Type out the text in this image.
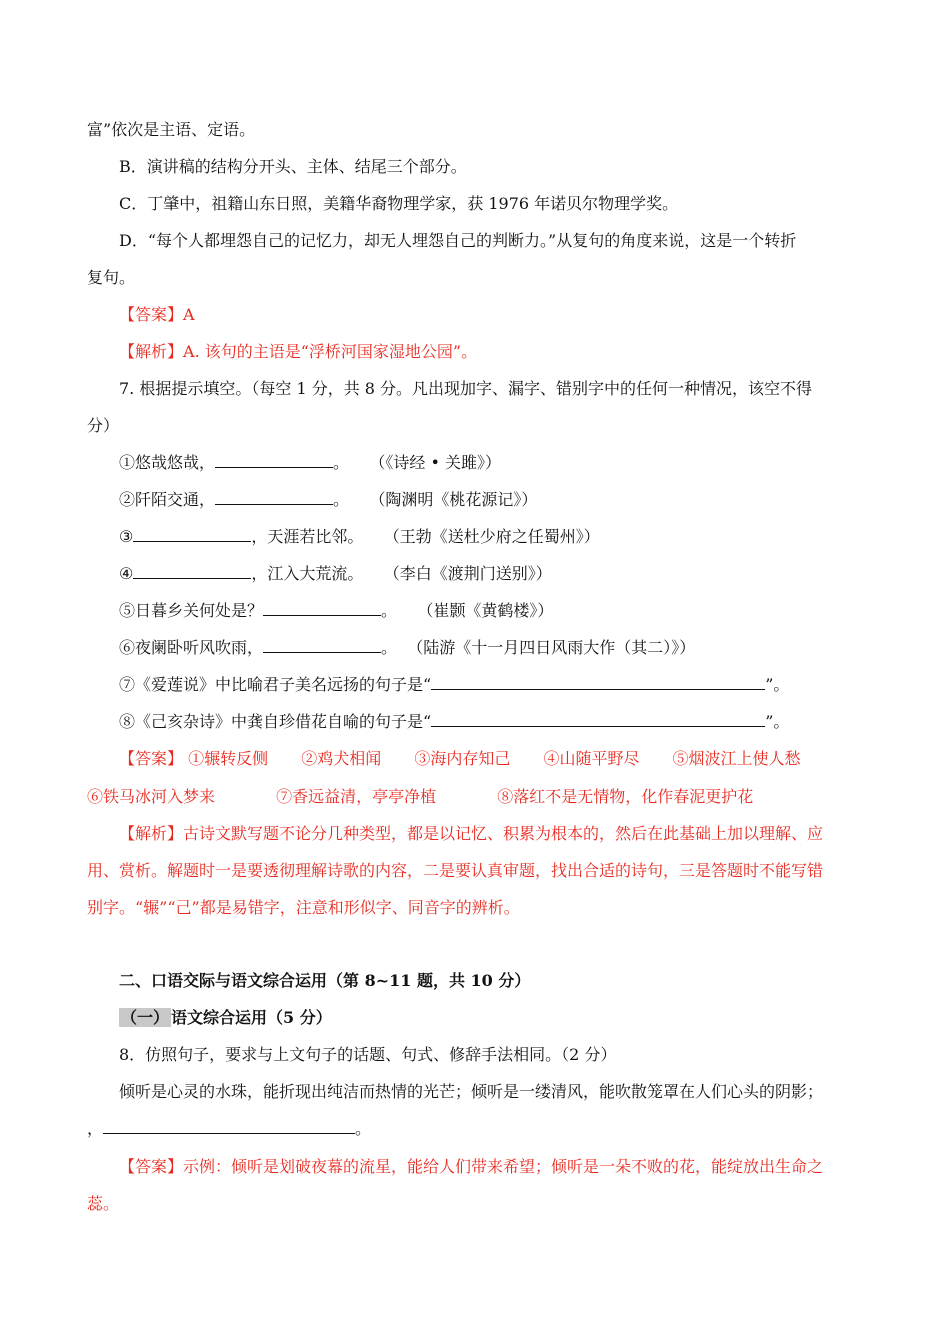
富”依次是主语、定语。
B．演讲稿的结构分开头、主体、结尾三个部分。
C．丁肇中，祖籍山东日照，美籍华裔物理学家，获 1976 年诺贝尔物理学奖。
D．“每个人都埋怨自己的记忆力，却无人埋怨自己的判断力。”从复句的角度来说，这是一个转折
复句。
【答案】A
【解析】A. 该句的主语是“浮桥河国家湿地公园”。
7. 根据提示填空。（每空 1 分，共 8 分。凡出现加字、漏字、错别字中的任何一种情况，该空不得
分）
①悠哉悠哉，	。 （《诗经 • 关雎》）
②阡陌交通，	。 （陶渊明《桃花源记》）
③	，天涯若比邻。 （王勃《送杜少府之任蜀州》）
④	，江入大荒流。 （李白《渡荆门送别》）
⑤日暮乡关何处是？	。 （崔颢《黄鹤楼》）
⑥夜阑卧听风吹雨，	。 （陆游《十一月四日风雨大作（其二）》）
⑦《爱莲说》中比喻君子美名远扬的句子是“	”。
⑧《己亥杂诗》中龚自珍借花自喻的句子是“	”。
【答案】 ①辗转反侧 ②鸡犬相闻 ③海内存知己 ④山随平野尽 ⑤烟波江上使人愁
⑥铁马冰河入梦来	⑦香远益清，亭亭净植	⑧落红不是无情物，化作春泥更护花
【解析】古诗文默写题不论分几种类型，都是以记忆、积累为根本的，然后在此基础上加以理解、应
用、赏析。解题时一是要透彻理解诗歌的内容，二是要认真审题，找出合适的诗句，三是答题时不能写错
别字。“辗”“己”都是易错字，注意和形似字、同音字的辨析。
二、口语交际与语文综合运用（第 8~11 题，共 10 分）
（一） 语文综合运用（5 分）
8．仿照句子，要求与上文句子的话题、句式、修辞手法相同。（2 分）
倾听是心灵的水珠，能折现出纯洁而热情的光芒；倾听是一缕清风，能吹散笼罩在人们心头的阴影；
，	。
【答案】示例：倾听是划破夜幕的流星，能给人们带来希望；倾听是一朵不败的花，能绽放出生命之
蕊。
